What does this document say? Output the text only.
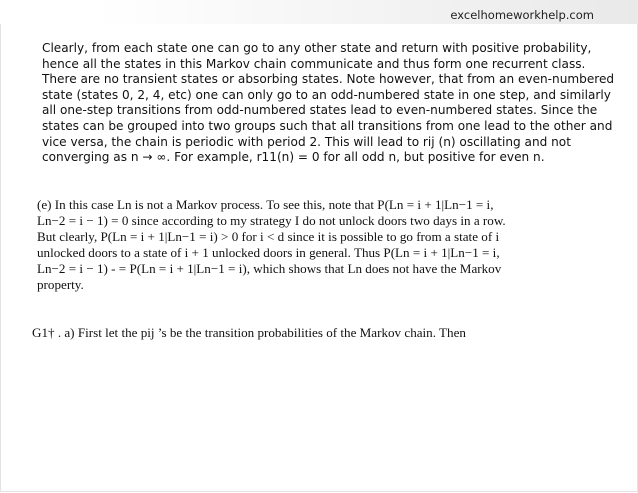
excelhomeworkhelp.com
Clearly, from each state one can go to any other state and return with positive probability,
hence all the states in this Markov chain communicate and thus form one recurrent class.
There are no transient states or absorbing states. Note however, that from an even-numbered
state (states 0, 2, 4, etc) one can only go to an odd-numbered state in one step, and similarly
all one-step transitions from odd-numbered states lead to even-numbered states. Since the
states can be grouped into two groups such that all transitions from one lead to the other and
vice versa, the chain is periodic with period 2. This will lead to rij (n) oscillating and not
converging as n → ∞. For example, r11(n) = 0 for all odd n, but positive for even n.
(e) In this case Ln is not a Markov process. To see this, note that P(Ln = i + 1|Ln−1 = i,
Ln−2 = i − 1) = 0 since according to my strategy I do not unlock doors two days in a row.
But clearly, P(Ln = i + 1|Ln−1 = i) > 0 for i < d since it is possible to go from a state of i
unlocked doors to a state of i + 1 unlocked doors in general. Thus P(Ln = i + 1|Ln−1 = i,
Ln−2 = i − 1) - = P(Ln = i + 1|Ln−1 = i), which shows that Ln does not have the Markov
property.
G1† . a) First let the pij ’s be the transition probabilities of the Markov chain. Then
